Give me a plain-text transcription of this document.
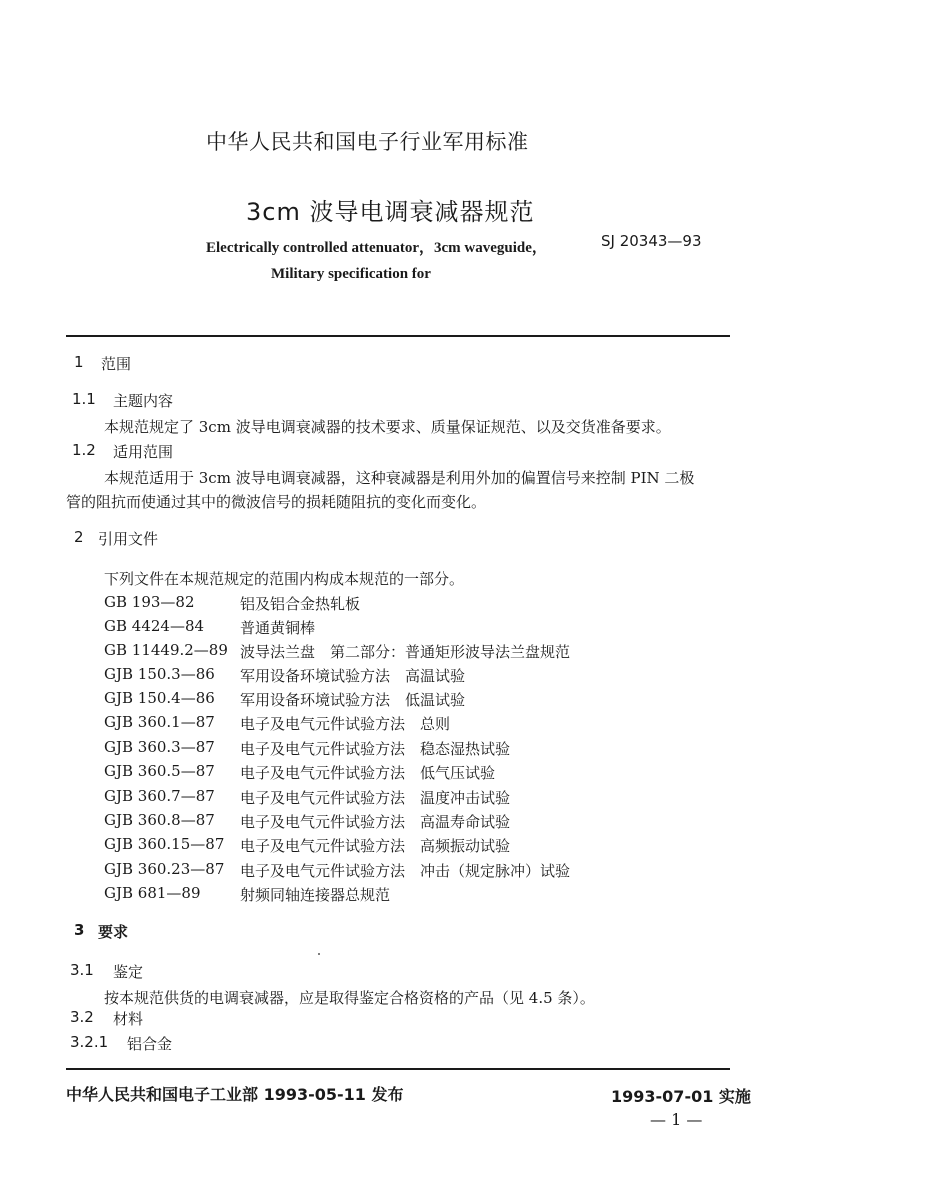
中华人民共和国电子行业军用标准
3cm 波导电调衰减器规范
Electrically controlled attenuator，3cm waveguide，
Military specification for
SJ 20343—93
1 范围
1.1 主题内容
本规范规定了 3cm 波导电调衰减器的技术要求、质量保证规范、以及交货准备要求。
1.2 适用范围
本规范适用于 3cm 波导电调衰减器，这种衰减器是利用外加的偏置信号来控制 PIN 二极
管的阻抗而使通过其中的微波信号的损耗随阻抗的变化而变化。
2 引用文件
下列文件在本规范规定的范围内构成本规范的一部分。
GB 193—82	铝及铝合金热轧板
GB 4424—84 普通黄铜棒
GB 11449.2—89 波导法兰盘　第二部分：普通矩形波导法兰盘规范
GJB 150.3—86 军用设备环境试验方法　高温试验
GJB 150.4—86 军用设备环境试验方法　低温试验
GJB 360.1—87 电子及电气元件试验方法　总则
GJB 360.3—87 电子及电气元件试验方法　稳态湿热试验
GJB 360.5—87 电子及电气元件试验方法　低气压试验
GJB 360.7—87 电子及电气元件试验方法　温度冲击试验
GJB 360.8—87 电子及电气元件试验方法　高温寿命试验
GJB 360.15—87 电子及电气元件试验方法　高频振动试验
GJB 360.23—87 电子及电气元件试验方法　冲击（规定脉冲）试验
GJB 681—89	射频同轴连接器总规范
3 要求
3.1 鉴定
按本规范供货的电调衰减器，应是取得鉴定合格资格的产品（见 4.5 条）。
3.2 材料
3.2.1 铝合金
中华人民共和国电子工业部 1993-05-11 发布	1993-07-01 实施
— 1 —
